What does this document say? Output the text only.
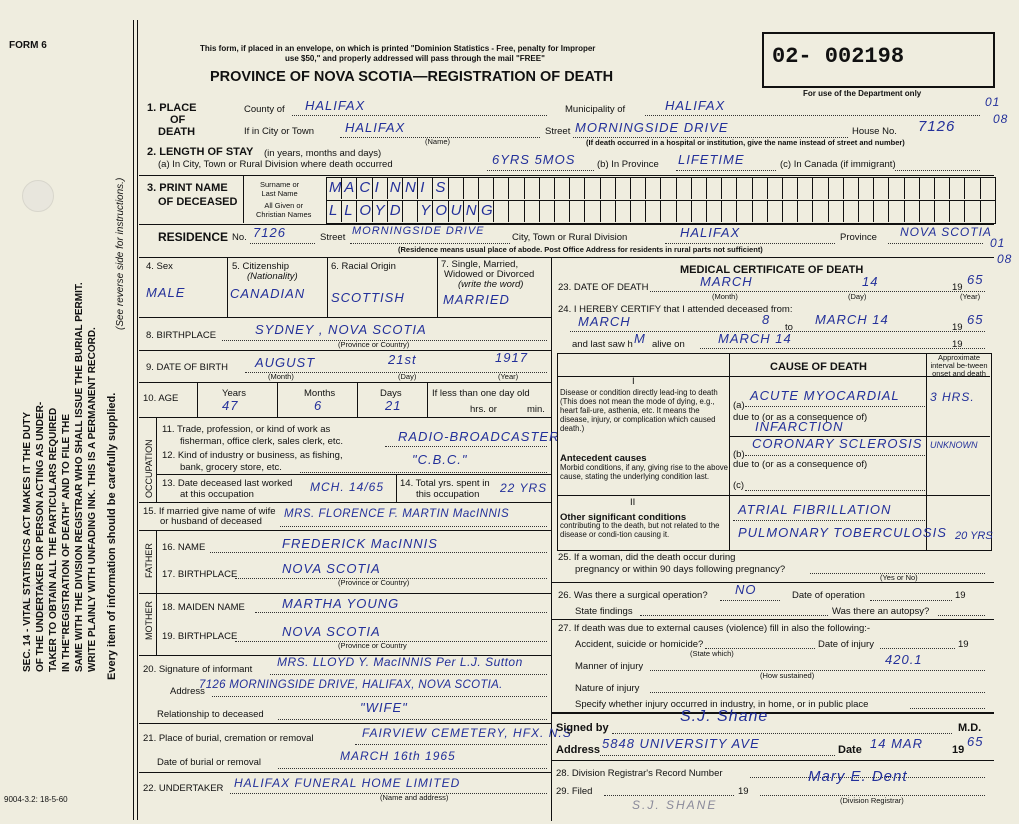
FORM 6
9004-3.2: 18-5-60
SEC. 14 - VITAL STATISTICS ACT MAKES IT THE DUTY OF THE UNDERTAKER OR PERSON ACTING AS UNDER- TAKER TO OBTAIN ALL THE PARTICULARS REQUIRED IN THE"REGISTRATION OF DEATH" AND TO FILE THE SAME WITH THE DIVISION REGISTRAR WHO SHALL ISSUE THE BURIAL PERMIT. WRITE PLAINLY WITH UNFADING INK. THIS IS A PERMANENT RECORD. Every item of information should be carefully supplied.
(See reverse side for instructions.)
This form, if placed in an envelope, on which is printed "Dominion Statistics - Free, penalty for Improper
use $50," and properly addressed will pass through the mail "FREE"
PROVINCE OF NOVA SCOTIA—REGISTRATION OF DEATH
02- 002198
For use of the Department only
01
08
01
08
1. PLACE
OF
DEATH
County of HALIFAX	Municipality of	HALIFAX
If in City or Town HALIFAX
(Name)
Street MORNINGSIDE DRIVE	House No. 7126
(If death occurred in a hospital or institution, give the name instead of street and number)
2. LENGTH OF STAY (in years, months and days)
(a) In City, Town or Rural Division where death occurred	6YRS 5MOS (b) In Province LIFETIME	(c) In Canada (if immigrant)
3. PRINT NAME
OF DECEASED
Surname or
Last Name
All Given or
Christian Names
M A C I N N I S
L L O Y D Y O U N G
RESIDENCE No. 7126	Street
MORNINGSIDE DRIVE
City, Town or Rural Division	HALIFAX	Province NOVA SCOTIA
(Residence means usual place of abode. Post Office Address for residents in rural parts not sufficient)
4. Sex
MALE
5. Citizenship
(Nationality)
CANADIAN
6. Racial Origin
SCOTTISH
7. Single, Married,
Widowed or Divorced
(write the word)
MARRIED
8. BIRTHPLACE	SYDNEY , NOVA SCOTIA
(Province or Country)
9. DATE OF BIRTH AUGUST	21st	1917
(Month)	(Day)	(Year)
10. AGE	Years
47
Months
6
Days
21
If less than one day old
hrs. or	min.
OCCUPATION
11. Trade, profession, or kind of work as
fisherman, office clerk, sales clerk, etc.	RADIO-BROADCASTER
12. Kind of industry or business, as fishing,
bank, grocery store, etc.
"C.B.C."
13. Date deceased last worked
at this occupation
MCH. 14/65 14. Total yrs. spent in
this occupation 22 YRS
15. If married give name of wife
or husband of deceased
MRS. FLORENCE F. MARTIN MacINNIS
FATHER 16. NAME	FREDERICK MacINNIS
17. BIRTHPLACE	NOVA SCOTIA
(Province or Country)
MOTHER 18. MAIDEN NAME	MARTHA YOUNG
19. BIRTHPLACE	NOVA SCOTIA
(Province or Country
20. Signature of informant
MRS. LLOYD Y. MacINNIS Per L.J. Sutton
Address
7126 MORNINGSIDE DRIVE, HALIFAX, NOVA SCOTIA.
Relationship to deceased	"WIFE"
21. Place of burial, cremation or removal	FAIRVIEW CEMETERY, HFX. N.S
Date of burial or removal	MARCH 16th 1965
22. UNDERTAKER HALIFAX FUNERAL HOME LIMITED
(Name and address)
MEDICAL CERTIFICATE OF DEATH
23. DATE OF DEATH	MARCH	14	19
65
(Month)	(Day)	(Year)
24. I HEREBY CERTIFY that I attended deceased from:
MARCH	8
to
MARCH 14
19
65
and last saw h M alive on	MARCH 14	19
CAUSE OF DEATH
Approximate interval be-tween onset and death
I
Disease or condition directly lead-ing to death (This does not mean the mode of dying, e.g., heart fail-ure, asthenia, etc. It means the disease, injury, or complication which caused death.)
(a)
ACUTE MYOCARDIAL	3 HRS.
due to (or as a consequence of)
INFARCTION
Antecedent causes
Morbid conditions, if any, giving rise to the above cause, stating the underlying condition last.
(b)
CORONARY SCLEROSIS UNKNOWN
due to (or as a consequence of)
(c)
II
Other significant conditions
contributing to the death, but not related to the disease or condi-tion causing it.
ATRIAL FIBRILLATION
PULMONARY TOBERCULOSIS 20 YRS
25. If a woman, did the death occur during
pregnancy or within 90 days following pregnancy?
(Yes or No)
26. Was there a surgical operation? NO	Date of operation	19
State findings	Was there an autopsy?
27. If death was due to external causes (violence) fill in also the following:-
Accident, suicide or homicide?	Date of injury	19
(State which)
Manner of injury	420.1
(How sustained)
Nature of injury
Specify whether injury occurred in industry, in home, or in public place
Signed by
S.J. Shane
M.D.
Address 5848 UNIVERSITY AVE	Date 14 MAR	19
65
28. Division Registrar's Record Number
29. Filed	19
Mary E. Dent
(Division Registrar)
S.J. SHANE
